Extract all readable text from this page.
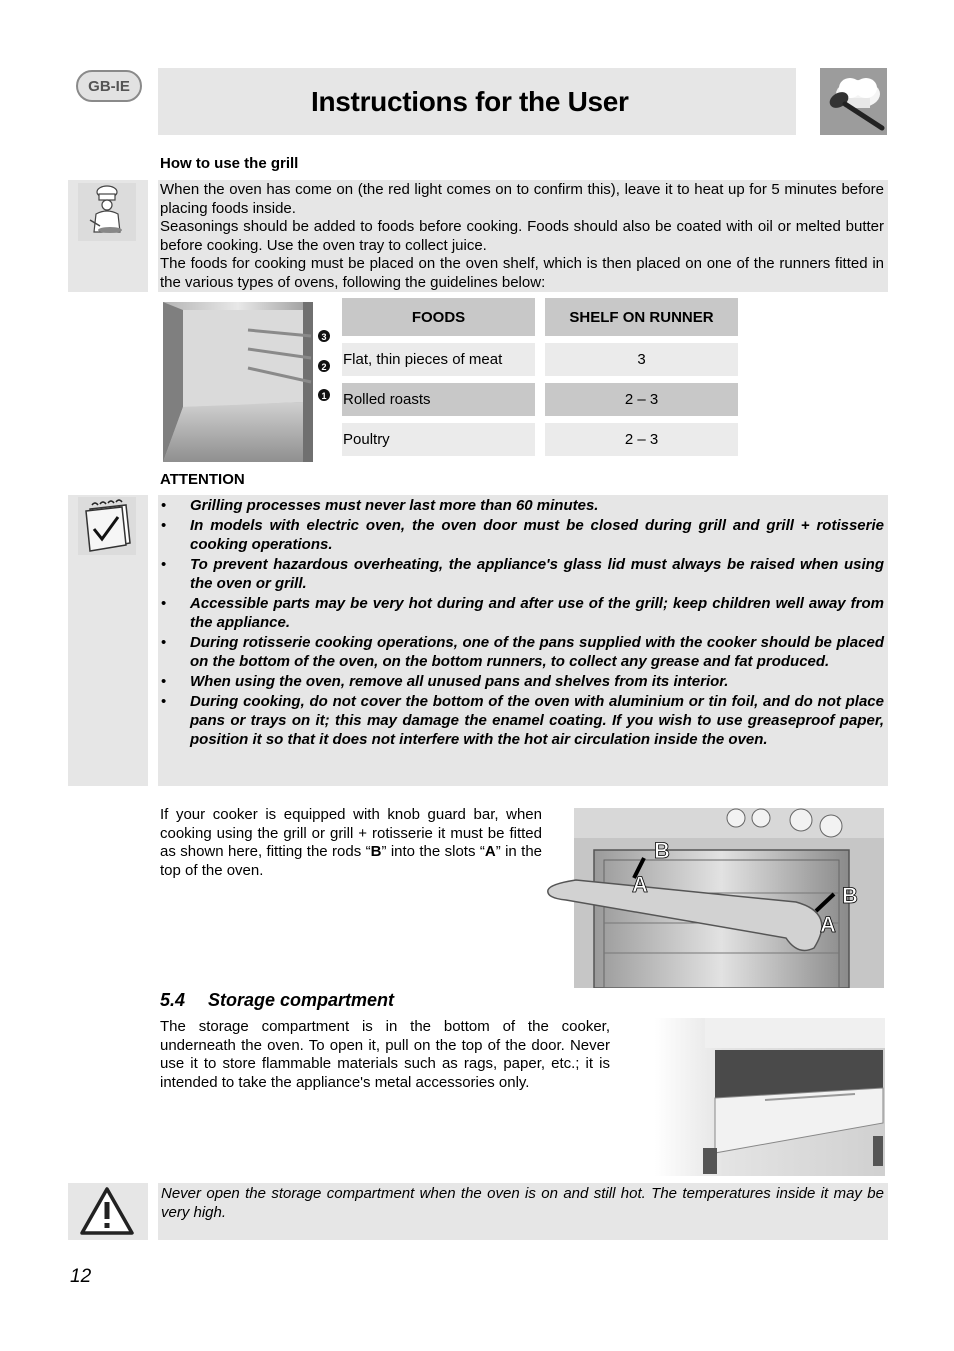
GB-IE	Instructions for the User
How to use the grill

When the oven has come on (the red light comes on to confirm this), leave it to heat up for 5 minutes before placing foods inside.

Seasonings should be added to foods before cooking. Foods should also be coated with oil or melted butter before cooking. Use the oven tray to collect juice.

The foods for cooking must be placed on the oven shelf, which is then placed on one of the runners fitted in the various types of ovens, following the guidelines below:

3
2
1
FOODS	SHELF ON RUNNER
Flat, thin pieces of meat	3
Rolled roasts	2 – 3
Poultry	2 – 3
ATTENTION
• Grilling processes must never last more than 60 minutes.
• In models with electric oven, the oven door must be closed during grill and grill + rotisserie cooking operations.
• To prevent hazardous overheating, the appliance's glass lid must always be raised when using the oven or grill.
• Accessible parts may be very hot during and after use of the grill; keep children well away from the appliance.
• During rotisserie cooking operations, one of the pans supplied with the cooker should be placed on the bottom of the oven, on the bottom runners, to collect any grease and fat produced.
• When using the oven, remove all unused pans and shelves from its interior.
• During cooking, do not cover the bottom of the oven with aluminium or tin foil, and do not place pans or trays on it; this may damage the enamel coating. If you wish to use greaseproof paper, position it so that it does not interfere with the hot air circulation inside the oven.

If your cooker is equipped with knob guard bar, when cooking using the grill or grill + rotisserie it must be fitted as shown here, fitting the rods “B” into the slots “A” in the top of the oven.

B
A	B
A
5.4 Storage compartment

The storage compartment is in the bottom of the cooker, underneath the oven. To open it, pull on the top of the door. Never use it to store flammable materials such as rags, paper, etc.; it is intended to take the appliance's metal accessories only.

Never open the storage compartment when the oven is on and still hot. The temperatures inside it may be very high.

12
